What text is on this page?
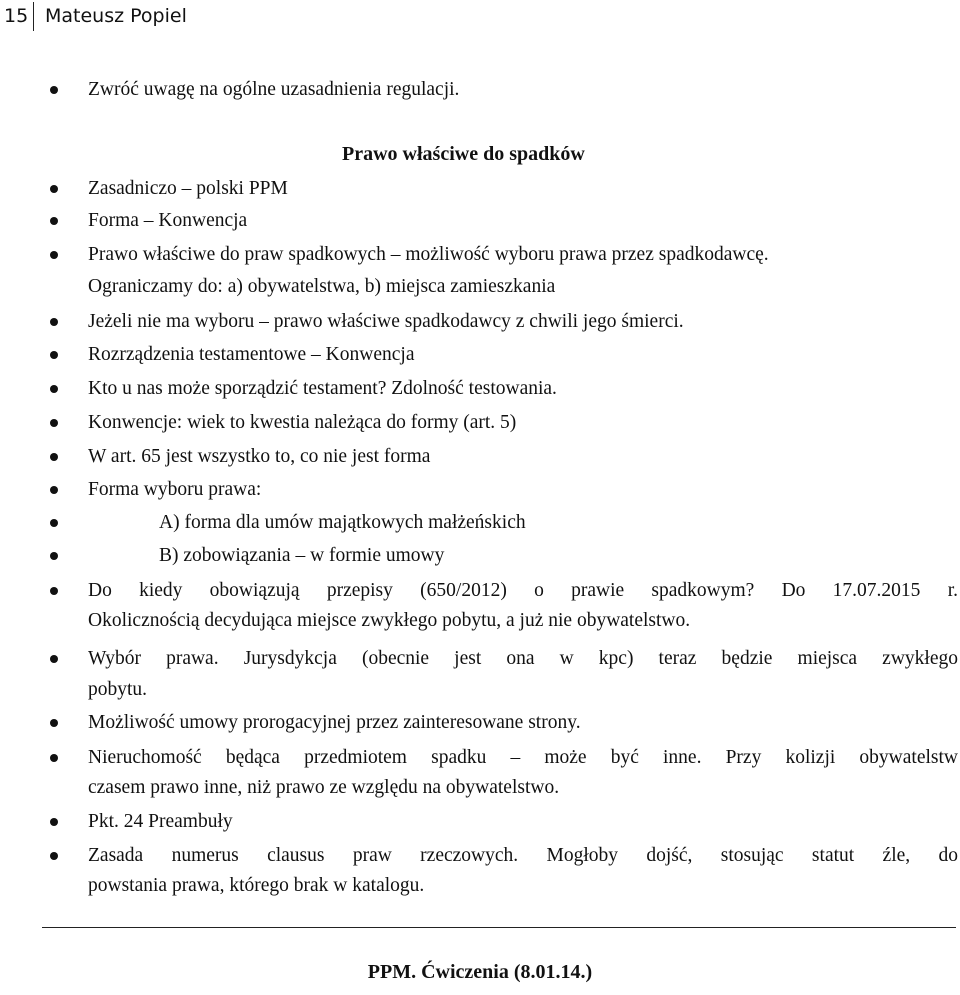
15 Mateusz Popiel
Zwróć uwagę na ogólne uzasadnienia regulacji.
Prawo właściwe do spadków
Zasadniczo – polski PPM
Forma – Konwencja
Prawo właściwe do praw spadkowych – możliwość wyboru prawa przez spadkodawcę.
Ograniczamy do: a) obywatelstwa, b) miejsca zamieszkania
Jeżeli nie ma wyboru – prawo właściwe spadkodawcy z chwili jego śmierci.
Rozrządzenia testamentowe – Konwencja
Kto u nas może sporządzić testament? Zdolność testowania.
Konwencje: wiek to kwestia należąca do formy (art. 5)
W art. 65 jest wszystko to, co nie jest forma
Forma wyboru prawa:
A) forma dla umów majątkowych małżeńskich
B) zobowiązania – w formie umowy
Do kiedy obowiązują przepisy (650/2012) o prawie spadkowym? Do 17.07.2015 r.
Okolicznością decydująca miejsce zwykłego pobytu, a już nie obywatelstwo.
Wybór prawa. Jurysdykcja (obecnie jest ona w kpc) teraz będzie miejsca zwykłego
pobytu.
Możliwość umowy prorogacyjnej przez zainteresowane strony.
Nieruchomość będąca przedmiotem spadku – może być inne. Przy kolizji obywatelstw
czasem prawo inne, niż prawo ze względu na obywatelstwo.
Pkt. 24 Preambuły
Zasada numerus clausus praw rzeczowych. Mogłoby dojść, stosując statut źle, do
powstania prawa, którego brak w katalogu.
PPM. Ćwiczenia (8.01.14.)
